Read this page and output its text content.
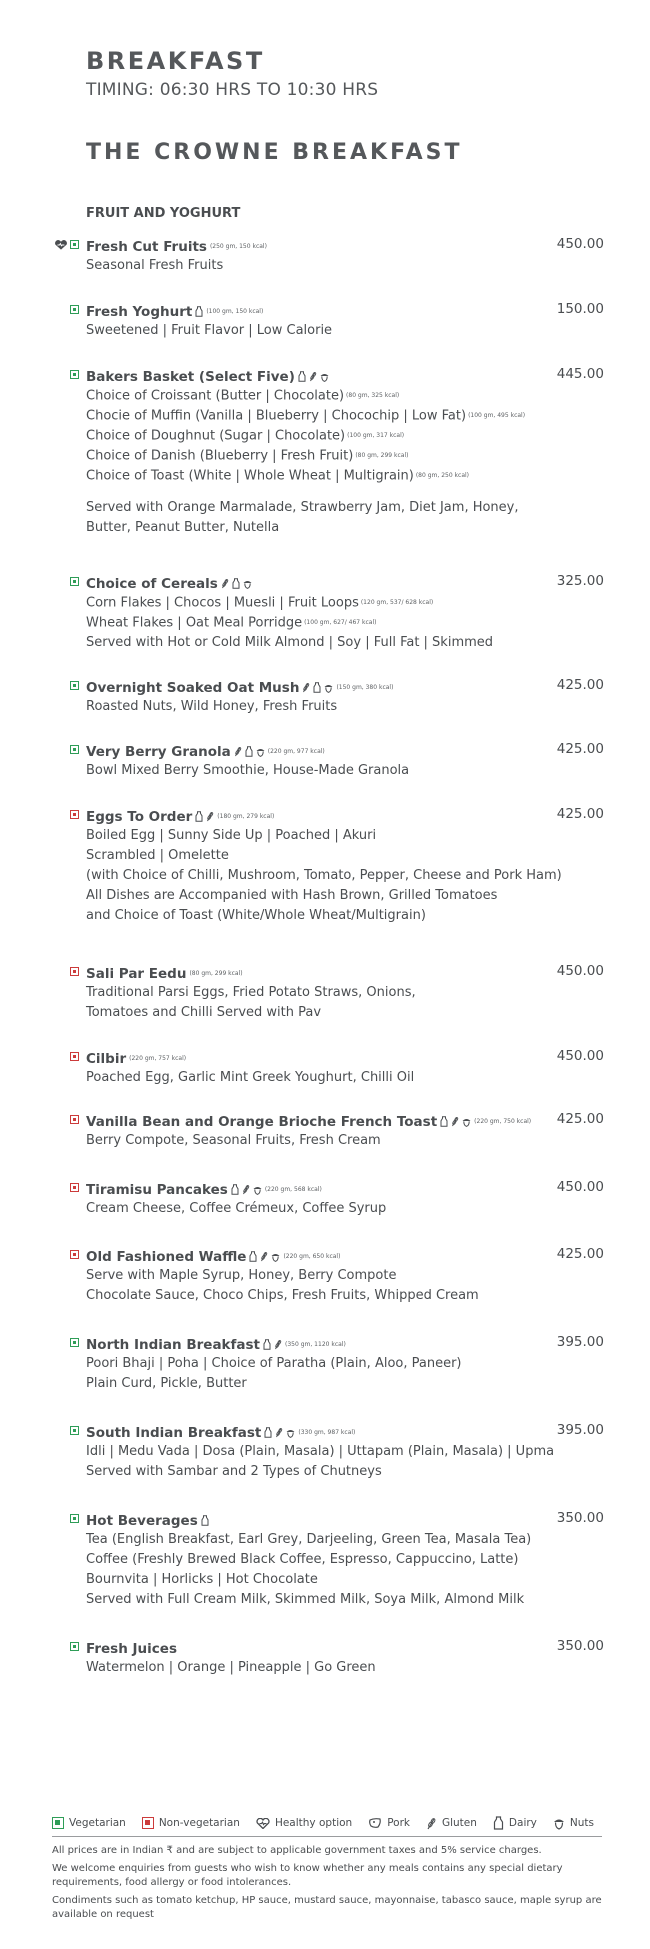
BREAKFAST
TIMING: 06:30 HRS TO 10:30 HRS
THE CROWNE BREAKFAST
FRUIT AND YOGHURT
Fresh Cut Fruits (250 gm, 150 kcal)	450.00
Seasonal Fresh Fruits
Fresh Yoghurt (100 gm, 150 kcal)	150.00
Sweetened | Fruit Flavor | Low Calorie
Bakers Basket (Select Five)	445.00
Choice of Croissant (Butter | Chocolate) (80 gm, 325 kcal)
Chocie of Muffin (Vanilla | Blueberry | Chocochip | Low Fat) (100 gm, 495 kcal)
Choice of Doughnut (Sugar | Chocolate) (100 gm, 317 kcal)
Choice of Danish (Blueberry | Fresh Fruit) (80 gm, 299 kcal)
Choice of Toast (White | Whole Wheat | Multigrain) (80 gm, 250 kcal)
Served with Orange Marmalade, Strawberry Jam, Diet Jam, Honey,
Butter, Peanut Butter, Nutella
Choice of Cereals	325.00
Corn Flakes | Chocos | Muesli | Fruit Loops (120 gm, 537/ 628 kcal)
Wheat Flakes | Oat Meal Porridge (100 gm, 627/ 467 kcal)
Served with Hot or Cold Milk Almond | Soy | Full Fat | Skimmed
Overnight Soaked Oat Mush	(150 gm, 380 kcal)	425.00
Roasted Nuts, Wild Honey, Fresh Fruits
Very Berry Granola	(220 gm, 977 kcal)	425.00
Bowl Mixed Berry Smoothie, House-Made Granola
Eggs To Order	(180 gm, 279 kcal)	425.00
Boiled Egg | Sunny Side Up | Poached | Akuri
Scrambled | Omelette
(with Choice of Chilli, Mushroom, Tomato, Pepper, Cheese and Pork Ham)
All Dishes are Accompanied with Hash Brown, Grilled Tomatoes
and Choice of Toast (White/Whole Wheat/Multigrain)
Sali Par Eedu (80 gm, 299 kcal)	450.00
Traditional Parsi Eggs, Fried Potato Straws, Onions,
Tomatoes and Chilli Served with Pav
Cilbir (220 gm, 757 kcal)	450.00
Poached Egg, Garlic Mint Greek Youghurt, Chilli Oil
Vanilla Bean and Orange Brioche French Toast	(220 gm, 750 kcal) 425.00
Berry Compote, Seasonal Fruits, Fresh Cream
Tiramisu Pancakes	(220 gm, 568 kcal)	450.00
Cream Cheese, Coffee Crémeux, Coffee Syrup
Old Fashioned Waffle	(220 gm, 650 kcal)	425.00
Serve with Maple Syrup, Honey, Berry Compote
Chocolate Sauce, Choco Chips, Fresh Fruits, Whipped Cream
North Indian Breakfast	(350 gm, 1120 kcal)	395.00
Poori Bhaji | Poha | Choice of Paratha (Plain, Aloo, Paneer)
Plain Curd, Pickle, Butter
South Indian Breakfast	(330 gm, 987 kcal)	395.00
Idli | Medu Vada | Dosa (Plain, Masala) | Uttapam (Plain, Masala) | Upma
Served with Sambar and 2 Types of Chutneys
Hot Beverages	350.00
Tea (English Breakfast, Earl Grey, Darjeeling, Green Tea, Masala Tea)
Coffee (Freshly Brewed Black Coffee, Espresso, Cappuccino, Latte)
Bournvita | Horlicks | Hot Chocolate
Served with Full Cream Milk, Skimmed Milk, Soya Milk, Almond Milk
Fresh Juices	350.00
Watermelon | Orange | Pineapple | Go Green
Vegetarian	Non-vegetarian	Healthy option	Pork	Gluten	Dairy	Nuts

All prices are in Indian ₹ and are subject to applicable government taxes and 5% service charges.

We welcome enquiries from guests who wish to know whether any meals contains any special dietary requirements, food allergy or food intolerances.

Condiments such as tomato ketchup, HP sauce, mustard sauce, mayonnaise, tabasco sauce, maple syrup are available on request
